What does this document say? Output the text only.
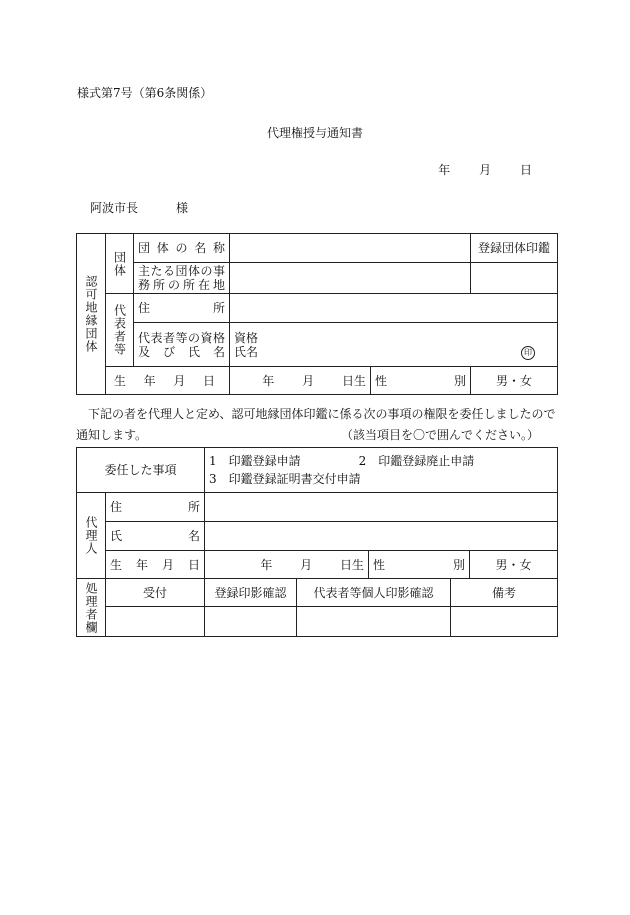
様式第7号（第6条関係）
代理権授与通知書
年 月 日
阿波市長	様
認可地縁団体	団体	団体の名称			登録団体印鑑
		主たる団体の事務所の所在地			
	代表者等	住　所			
		代表者等の資格及び氏名	資格
氏名 印		

	生年月日		年 月 日生	性　別	男・女
下記の者を代理人と定め、認可地縁団体印鑑に係る次の事項の権限を委任しましたので
通知します。	（該当項目を〇で囲んでください。）
委任した事項		1　印鑑登録申請 2　印鑑登録廃止申請
3　印鑑登録証明書交付申請				

代理人	住　所					
	氏　名					
	生年月日	年 月 日生		性　別		男・女
処理者欄	受付	登録印影確認	代表者等個人印影確認		備考	
